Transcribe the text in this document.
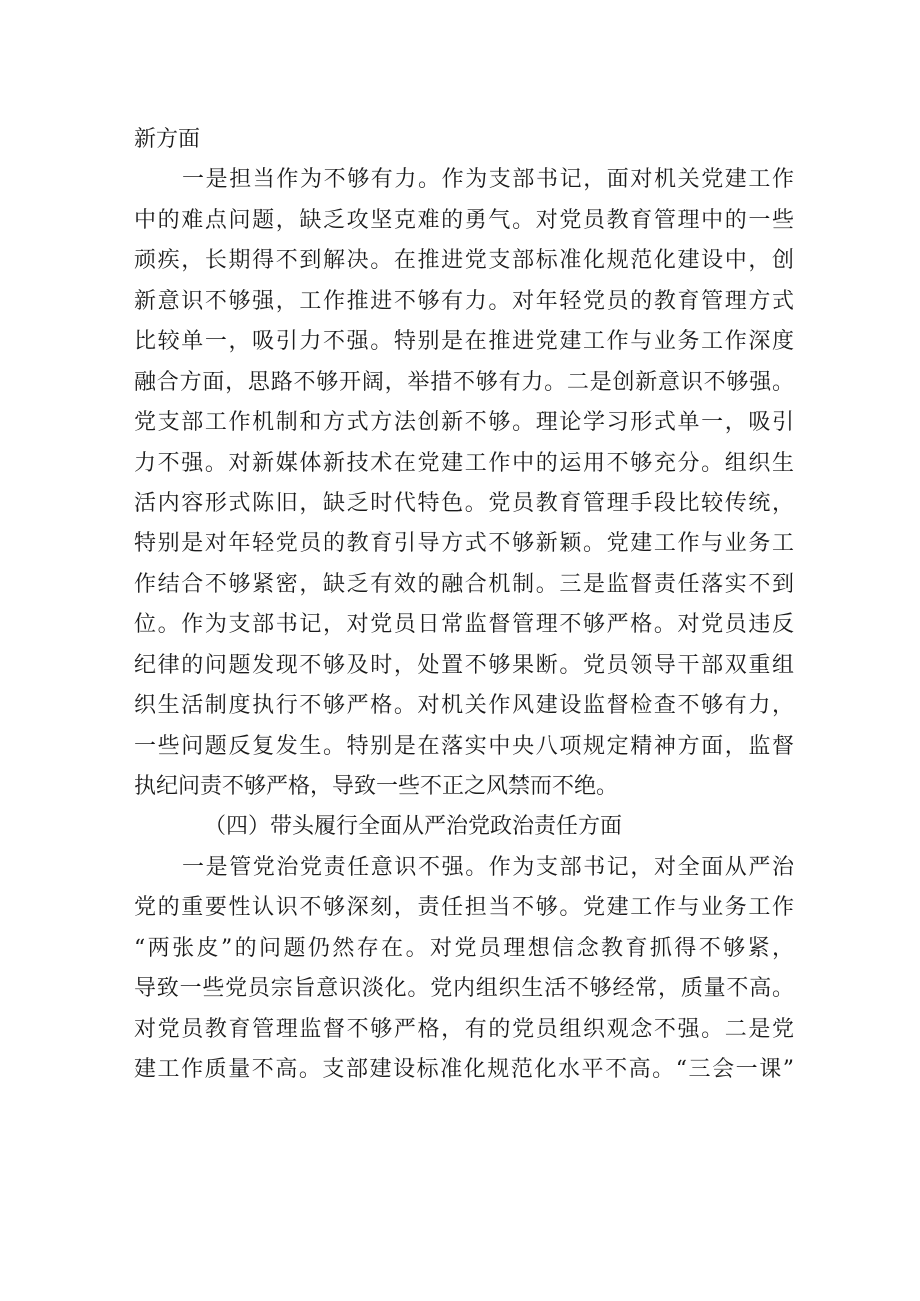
新方面
一是担当作为不够有力。作为支部书记，面对机关党建工作
中的难点问题，缺乏攻坚克难的勇气。对党员教育管理中的一些
顽疾，长期得不到解决。在推进党支部标准化规范化建设中，创
新意识不够强，工作推进不够有力。对年轻党员的教育管理方式
比较单一，吸引力不强。特别是在推进党建工作与业务工作深度
融合方面，思路不够开阔，举措不够有力。二是创新意识不够强。
党支部工作机制和方式方法创新不够。理论学习形式单一，吸引
力不强。对新媒体新技术在党建工作中的运用不够充分。组织生
活内容形式陈旧，缺乏时代特色。党员教育管理手段比较传统，
特别是对年轻党员的教育引导方式不够新颖。党建工作与业务工
作结合不够紧密，缺乏有效的融合机制。三是监督责任落实不到
位。作为支部书记，对党员日常监督管理不够严格。对党员违反
纪律的问题发现不够及时，处置不够果断。党员领导干部双重组
织生活制度执行不够严格。对机关作风建设监督检查不够有力，
一些问题反复发生。特别是在落实中央八项规定精神方面，监督
执纪问责不够严格，导致一些不正之风禁而不绝。
（四）带头履行全面从严治党政治责任方面
一是管党治党责任意识不强。作为支部书记，对全面从严治
党的重要性认识不够深刻，责任担当不够。党建工作与业务工作
“两张皮”的问题仍然存在。对党员理想信念教育抓得不够紧，
导致一些党员宗旨意识淡化。党内组织生活不够经常，质量不高。
对党员教育管理监督不够严格，有的党员组织观念不强。二是党
建工作质量不高。支部建设标准化规范化水平不高。“三会一课”
